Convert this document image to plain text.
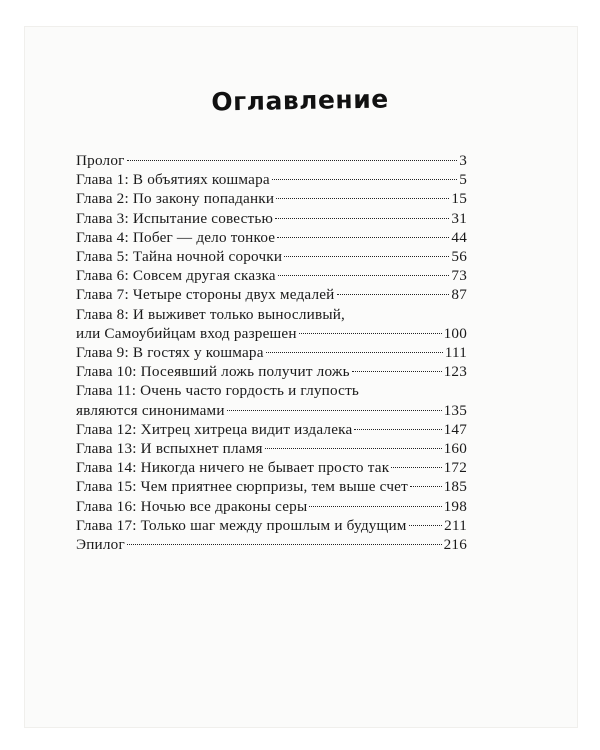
Оглавление
Пролог	3
Глава 1: В объятиях кошмара	5
Глава 2: По закону попаданки	15
Глава 3: Испытание совестью	31
Глава 4: Побег — дело тонкое	44
Глава 5: Тайна ночной сорочки	56
Глава 6: Совсем другая сказка	73
Глава 7: Четыре стороны двух медалей	87
Глава 8: И выживет только выносливый,
или Самоубийцам вход разрешен	100
Глава 9: В гостях у кошмара	111
Глава 10: Посеявший ложь получит ложь	123
Глава 11: Очень часто гордость и глупость
являются синонимами	135
Глава 12: Хитрец хитреца видит издалека	147
Глава 13: И вспыхнет пламя	160
Глава 14: Никогда ничего не бывает просто так	172
Глава 15: Чем приятнее сюрпризы, тем выше счет 185
Глава 16: Ночью все драконы серы	198
Глава 17: Только шаг между прошлым и будущим 211
Эпилог	216
